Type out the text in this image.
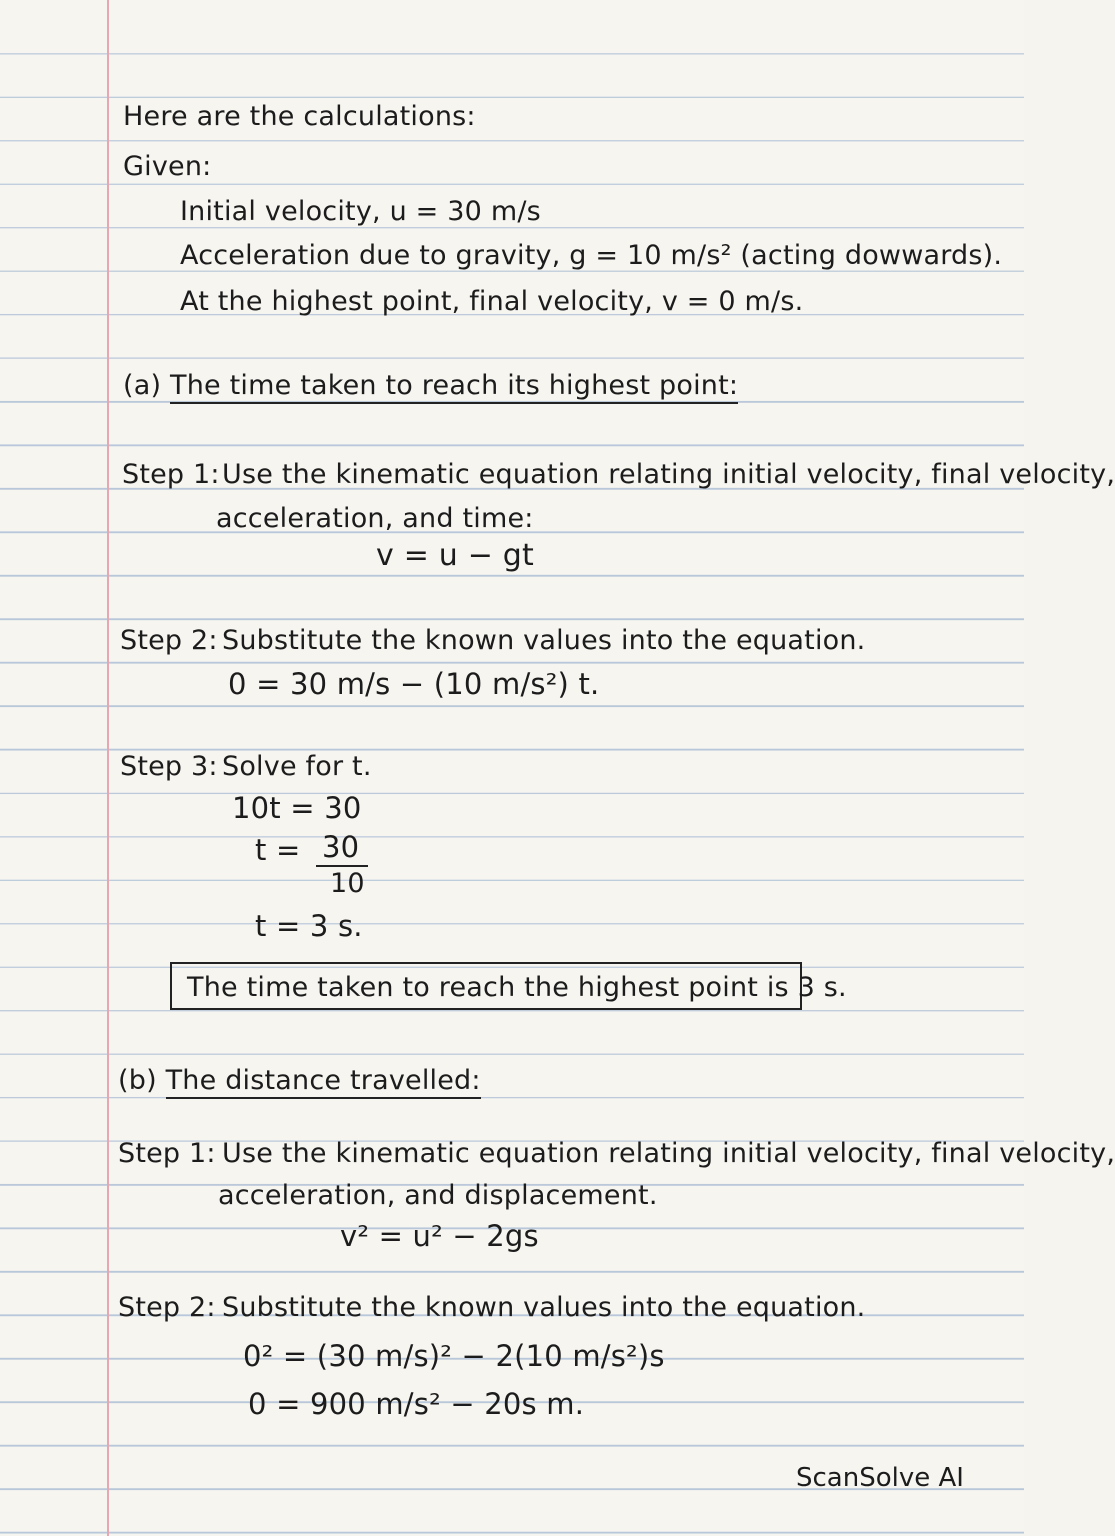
Here are the calculations:
Given:
Initial velocity, u = 30 m/s
Acceleration due to gravity, g = 10 m/s² (acting dowwards).
At the highest point, final velocity, v = 0 m/s.
(a) The time taken to reach its highest point:
Step 1: Use the kinematic equation relating initial velocity, final velocity,
acceleration, and time:
v = u − gt
Step 2: Substitute the known values into the equation.
0 = 30 m/s − (10 m/s²) t.
Step 3: Solve for t.
10t = 30
t = 30
10
t = 3 s.
The time taken to reach the highest point is 3 s.
(b) The distance travelled:
Step 1: Use the kinematic equation relating initial velocity, final velocity,
acceleration, and displacement.
v² = u² − 2gs
Step 2: Substitute the known values into the equation.
0² = (30 m/s)² − 2(10 m/s²)s
0 = 900 m/s² − 20s m.
ScanSolve AI
